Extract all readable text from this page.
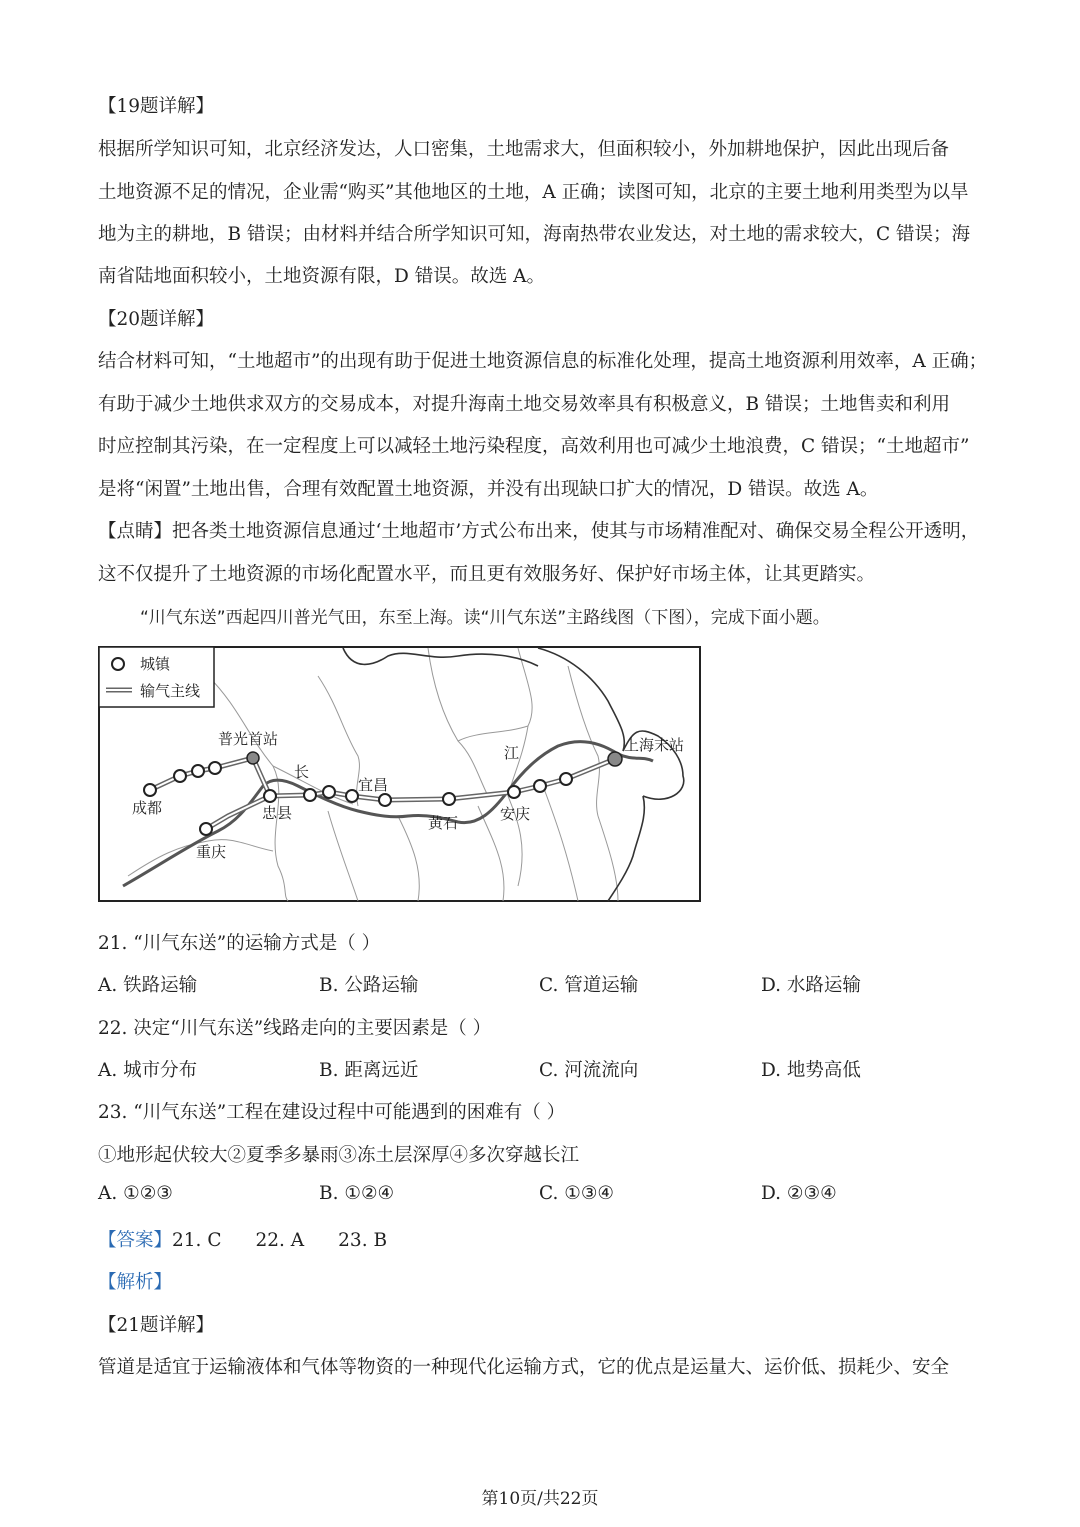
【19题详解】
根据所学知识可知，北京经济发达，人口密集，土地需求大，但面积较小，外加耕地保护，因此出现后备
土地资源不足的情况，企业需“购买”其他地区的土地，A 正确；读图可知，北京的主要土地利用类型为以旱
地为主的耕地，B 错误；由材料并结合所学知识可知，海南热带农业发达，对土地的需求较大，C 错误；海
南省陆地面积较小，土地资源有限，D 错误。故选 A。
【20题详解】
结合材料可知，“土地超市”的出现有助于促进土地资源信息的标准化处理，提高土地资源利用效率，A 正确；
有助于减少土地供求双方的交易成本，对提升海南土地交易效率具有积极意义，B 错误；土地售卖和利用
时应控制其污染，在一定程度上可以减轻土地污染程度，高效利用也可减少土地浪费，C 错误；“土地超市”
是将“闲置”土地出售，合理有效配置土地资源，并没有出现缺口扩大的情况，D 错误。故选 A。
【点睛】把各类土地资源信息通过‘土地超市’方式公布出来，使其与市场精准配对、确保交易全程公开透明，
这不仅提升了土地资源的市场化配置水平，而且更有效服务好、保护好市场主体，让其更踏实。
“川气东送”西起四川普光气田，东至上海。读“川气东送”主路线图（下图），完成下面小题。
城镇
输气主线
普光首站
成都
重庆
忠县
长
宜昌
黄石
江
安庆
上海末站
21. “川气东送”的运输方式是（ ）
A. 铁路运输	B. 公路运输	C. 管道运输	D. 水路运输
22. 决定“川气东送”线路走向的主要因素是（ ）
A. 城市分布	B. 距离远近	C. 河流流向	D. 地势高低
23. “川气东送”工程在建设过程中可能遇到的困难有（ ）
①地形起伏较大②夏季多暴雨③冻土层深厚④多次穿越长江
A. ①②③	B. ①②④	C. ①③④	D. ②③④
【答案】21. C 22. A 23. B
【解析】
【21题详解】
管道是适宜于运输液体和气体等物资的一种现代化运输方式，它的优点是运量大、运价低、损耗少、安全
第10页/共22页
